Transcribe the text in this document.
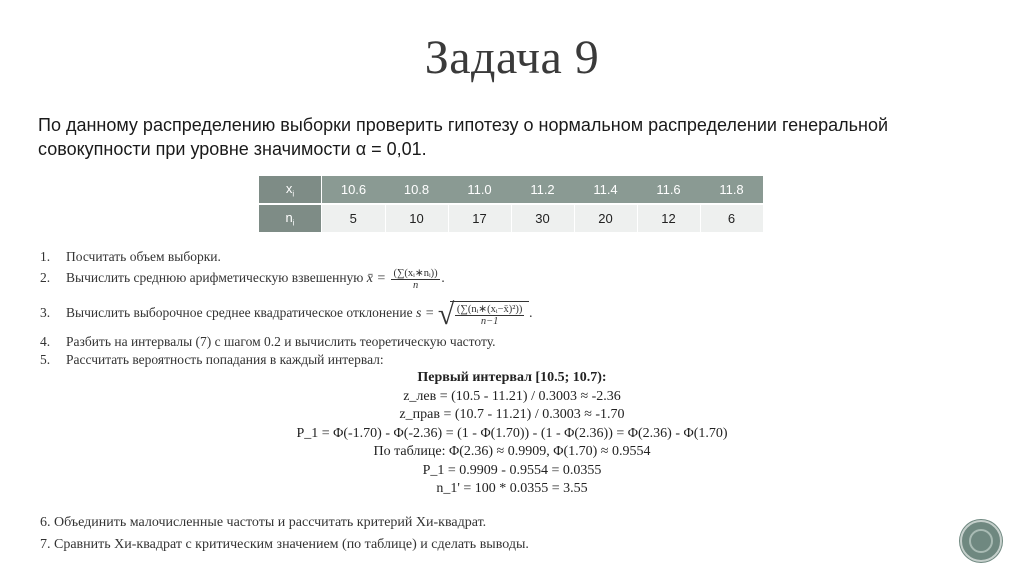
Задача 9
По данному распределению выборки проверить гипотезу о нормальном распределении генеральной совокупности при уровне значимости α = 0,01.
$x_i$	10.6	10.8	11.0	11.2	11.4	11.6	11.8
$n_i$	5	10	17	30	20	12	6
1. Посчитать объем выборки.
2. Вычислить среднюю арифметическую взвешенную x̄ = $\frac{\text{(∑(xᵢ∗nᵢ))}}{n}$ .
3. Вычислить выборочное среднее квадратическое отклонение s = √ $\frac{\text{(∑(nᵢ∗(xᵢ−x̄)²))}}{n-1}$ .
4. Разбить на интервалы (7) с шагом 0.2 и вычислить теоретическую частоту.
5. Рассчитать вероятность попадания в каждый интервал:
Первый интервал [10.5; 10.7):
z_лев = (10.5 - 11.21) / 0.3003 ≈ -2.36
z_прав = (10.7 - 11.21) / 0.3003 ≈ -1.70
P_1 = Φ(-1.70) - Φ(-2.36) = (1 - Φ(1.70)) - (1 - Φ(2.36)) = Φ(2.36) - Φ(1.70)
По таблице: Φ(2.36) ≈ 0.9909, Φ(1.70) ≈ 0.9554
P_1 = 0.9909 - 0.9554 = 0.0355
n_1' = 100 * 0.0355 = 3.55
6. Объединить малочисленные частоты и рассчитать критерий Хи-квадрат.
7. Сравнить Хи-квадрат с критическим значением (по таблице) и сделать выводы.
